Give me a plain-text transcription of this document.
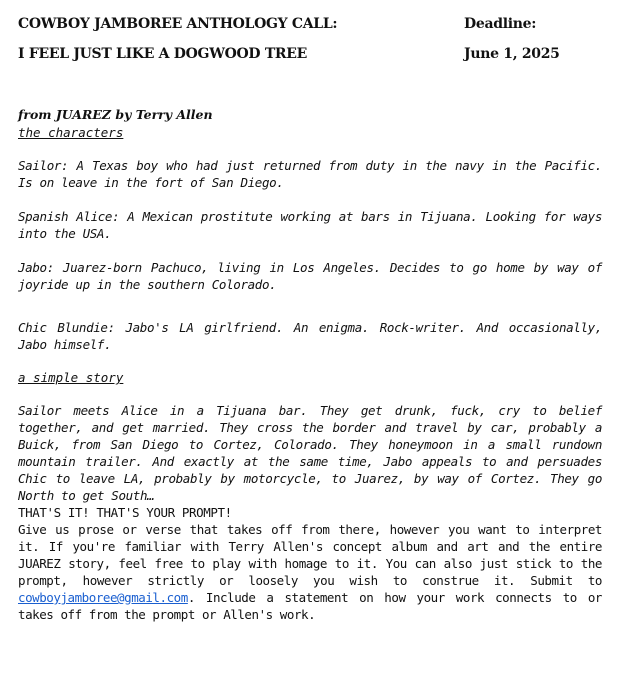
COWBOY JAMBOREE ANTHOLOGY CALL:
I FEEL JUST LIKE A DOGWOOD TREE
Deadline:
June 1, 2025

from JUAREZ by Terry Allen

the characters

Sailor: A Texas boy who had just returned from duty in the navy in the Pacific. Is on leave in the fort of San Diego.

Spanish Alice: A Mexican prostitute working at bars in Tijuana. Looking for ways into the USA.

Jabo: Juarez-born Pachuco, living in Los Angeles. Decides to go home by way of joyride up in the southern Colorado.

Chic Blundie: Jabo's LA girlfriend. An enigma. Rock-writer. And occasionally, Jabo himself.

a simple story

Sailor meets Alice in a Tijuana bar. They get drunk, fuck, cry to belief together, and get married. They cross the border and travel by car, probably a Buick, from San Diego to Cortez, Colorado. They honeymoon in a small rundown mountain trailer. And exactly at the same time, Jabo appeals to and persuades Chic to leave LA, probably by motorcycle, to Juarez, by way of Cortez. They go North to get South…

THAT'S IT! THAT'S YOUR PROMPT!

Give us prose or verse that takes off from there, however you want to interpret it. If you're familiar with Terry Allen's concept album and art and the entire JUAREZ story, feel free to play with homage to it. You can also just stick to the prompt, however strictly or loosely you wish to construe it. Submit to cowboyjamboree@gmail.com. Include a statement on how your work connects to or takes off from the prompt or Allen's work.
